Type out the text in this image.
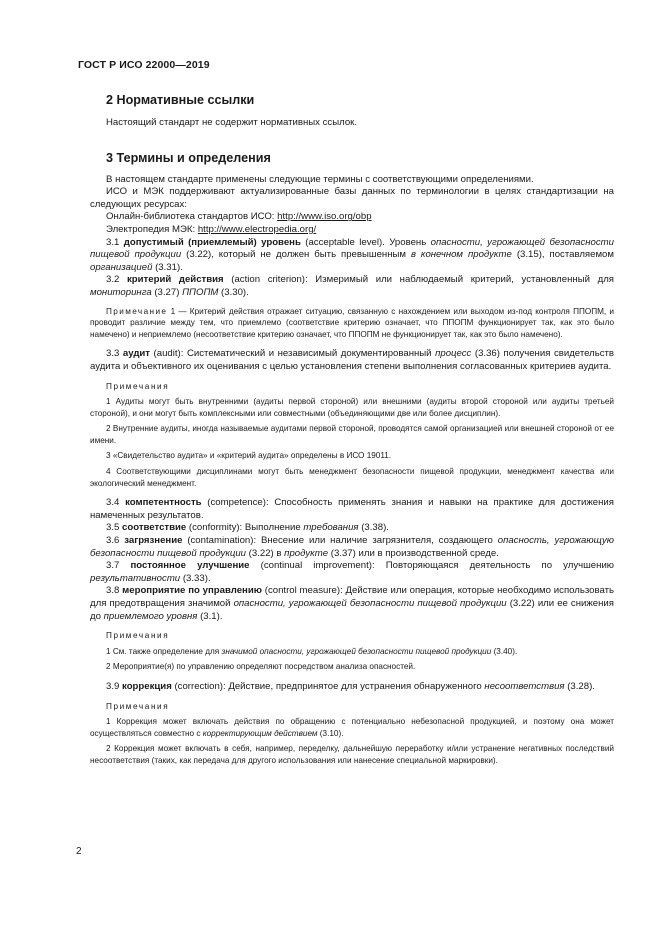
ГОСТ Р ИСО 22000—2019
2 Нормативные ссылки

Настоящий стандарт не содержит нормативных ссылок.

3 Термины и определения

В настоящем стандарте применены следующие термины с соответствующими определениями.

ИСО и МЭК поддерживают актуализированные базы данных по терминологии в целях стандартизации на следующих ресурсах:

Онлайн-библиотека стандартов ИСО: http://www.iso.org/obp

Электропедия МЭК: http://www.electropedia.org/

3.1 допустимый (приемлемый) уровень (acceptable level). Уровень опасности, угрожающей безопасности пищевой продукции (3.22), который не должен быть превышенным в конечном продукте (3.15), поставляемом организацией (3.31).

3.2 критерий действия (action criterion): Измеримый или наблюдаемый критерий, установленный для мониторинга (3.27) ППОПМ (3.30).

Примечание 1 — Критерий действия отражает ситуацию, связанную с нахождением или выходом из-под контроля ППОПМ, и проводит различие между тем, что приемлемо (соответствие критерию означает, что ППОПМ функционирует так, как это было намечено) и неприемлемо (несоответствие критерию означает, что ППОПМ не функционирует так, как это было намечено).

3.3 аудит (audit): Систематический и независимый документированный процесс (3.36) получения свидетельств аудита и объективного их оценивания с целью установления степени выполнения согласованных критериев аудита.

Примечания

1 Аудиты могут быть внутренними (аудиты первой стороной) или внешними (аудиты второй стороной или аудиты третьей стороной), и они могут быть комплексными или совместными (объединяющими две или более дисциплин).

2 Внутренние аудиты, иногда называемые аудитами первой стороной, проводятся самой организацией или внешней стороной от ее имени.

3 «Свидетельство аудита» и «критерий аудита» определены в ИСО 19011.

4 Соответствующими дисциплинами могут быть менеджмент безопасности пищевой продукции, менеджмент качества или экологический менеджмент.

3.4 компетентность (competence): Способность применять знания и навыки на практике для достижения намеченных результатов.

3.5 соответствие (conformity): Выполнение требования (3.38).

3.6 загрязнение (contamination): Внесение или наличие загрязнителя, создающего опасность, угрожающую безопасности пищевой продукции (3.22) в продукте (3.37) или в производственной среде.

3.7 постоянное улучшение (continual improvement): Повторяющаяся деятельность по улучшению результативности (3.33).

3.8 мероприятие по управлению (control measure): Действие или операция, которые необходимо использовать для предотвращения значимой опасности, угрожающей безопасности пищевой продукции (3.22) или ее снижения до приемлемого уровня (3.1).

Примечания

1 См. также определение для значимой опасности, угрожающей безопасности пищевой продукции (3.40).

2 Мероприятие(я) по управлению определяют посредством анализа опасностей.

3.9 коррекция (correction): Действие, предпринятое для устранения обнаруженного несоответствия (3.28).

Примечания

1 Коррекция может включать действия по обращению с потенциально небезопасной продукцией, и поэтому она может осуществляться совместно с корректирующим действием (3.10).

2 Коррекция может включать в себя, например, переделку, дальнейшую переработку и/или устранение негативных последствий несоответствия (таких, как передача для другого использования или нанесение специальной маркировки).

2
